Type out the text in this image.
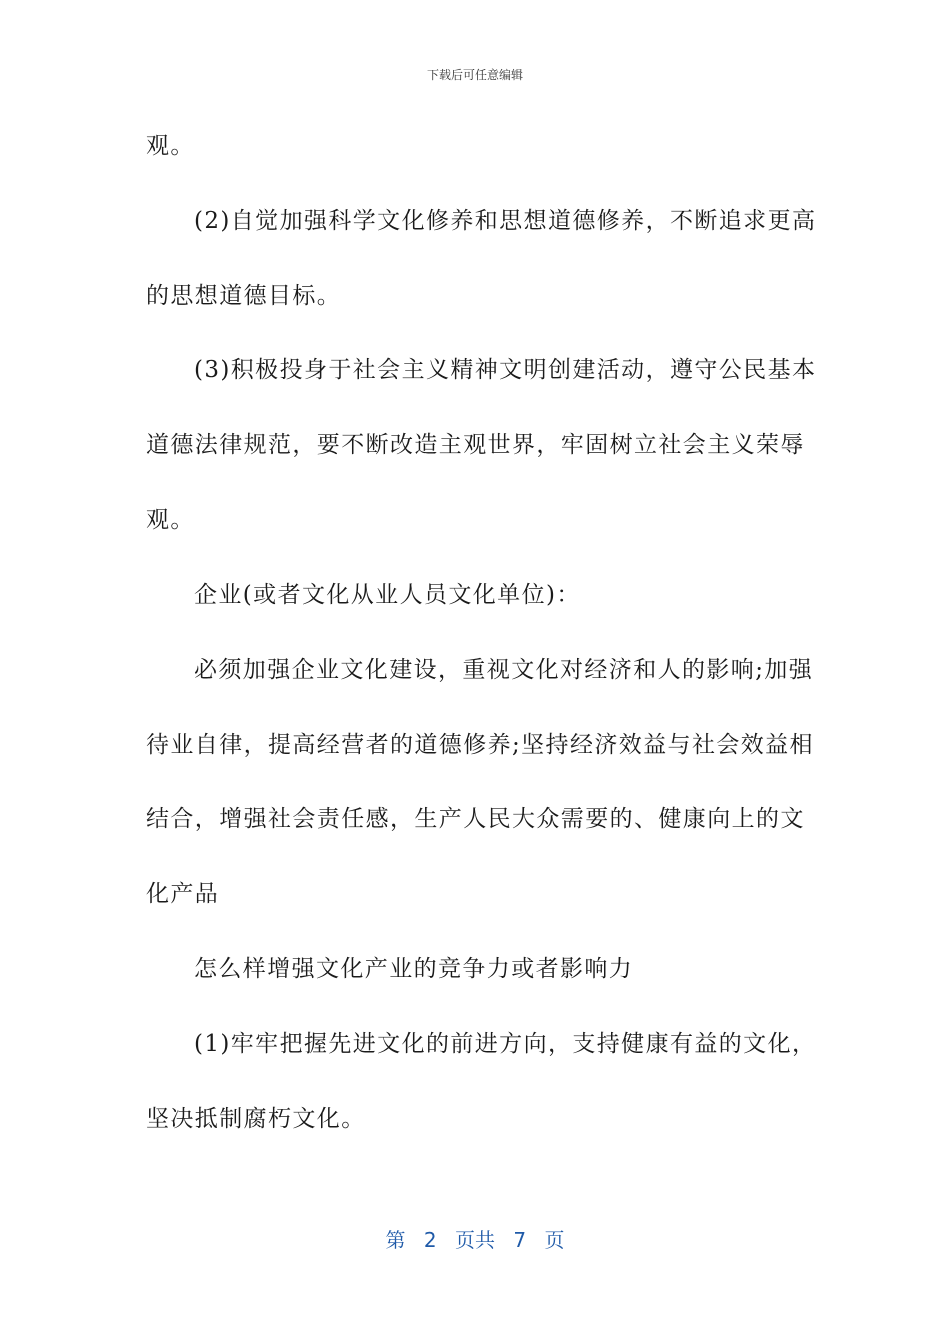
下载后可任意编辑
观。
(2)自觉加强科学文化修养和思想道德修养，不断追求更高
的思想道德目标。
(3)积极投身于社会主义精神文明创建活动，遵守公民基本
道德法律规范，要不断改造主观世界，牢固树立社会主义荣辱
观。
企业(或者文化从业人员文化单位)：
必须加强企业文化建设，重视文化对经济和人的影响;加强
待业自律，提高经营者的道德修养;坚持经济效益与社会效益相
结合，增强社会责任感，生产人民大众需要的、健康向上的文
化产品
怎么样增强文化产业的竞争力或者影响力
(1)牢牢把握先进文化的前进方向，支持健康有益的文化，
坚决抵制腐朽文化。
第 2 页共 7 页
